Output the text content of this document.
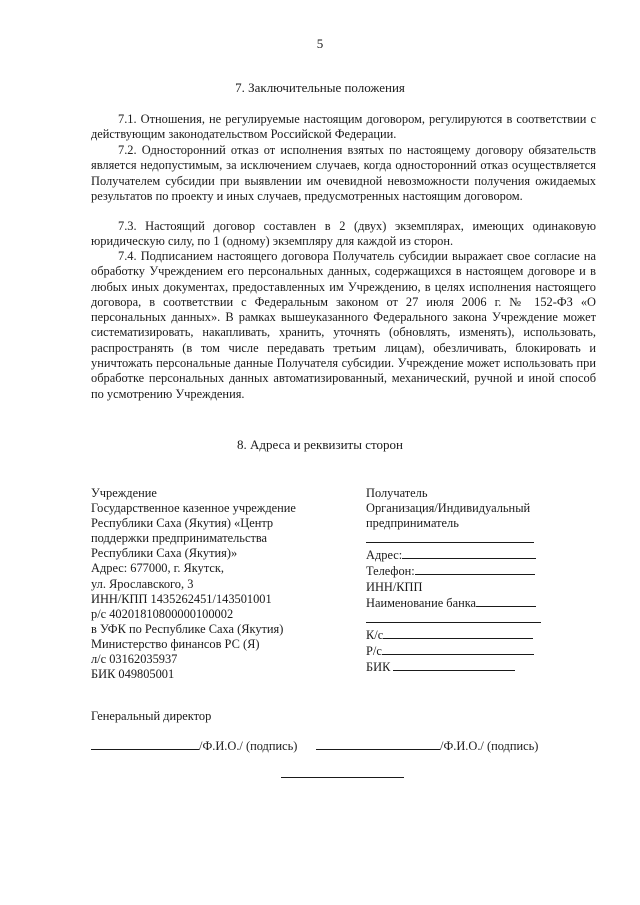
5
7. Заключительные положения

7.1. Отношения, не регулируемые настоящим договором, регулируются в соответствии с действующим законодательством Российской Федерации.

7.2. Односторонний отказ от исполнения взятых по настоящему договору обязательств является недопустимым, за исключением случаев, когда односторонний отказ осуществляется Получателем субсидии при выявлении им очевидной невозможности получения ожидаемых результатов по проекту и иных случаев, предусмотренных настоящим договором.

7.3. Настоящий договор составлен в 2 (двух) экземплярах, имеющих одинаковую юридическую силу, по 1 (одному) экземпляру для каждой из сторон.

7.4. Подписанием настоящего договора Получатель субсидии выражает свое согласие на обработку Учреждением его персональных данных, содержащихся в настоящем договоре и в любых иных документах, предоставленных им Учреждению, в целях исполнения настоящего договора, в соответствии с Федеральным законом от 27 июля 2006 г. № 152-ФЗ «О персональных данных». В рамках вышеуказанного Федерального закона Учреждение может систематизировать, накапливать, хранить, уточнять (обновлять, изменять), использовать, распространять (в том числе передавать третьим лицам), обезличивать, блокировать и уничтожать персональные данные Получателя субсидии. Учреждение может использовать при обработке персональных данных автоматизированный, механический, ручной и иной способ по усмотрению Учреждения.

8. Адреса и реквизиты сторон
Учреждение
Государственное казенное учреждение
Республики Саха (Якутия) «Центр
поддержки предпринимательства
Республики Саха (Якутия)»
Адрес: 677000, г. Якутск,
ул. Ярославского, 3
ИНН/КПП 1435262451/143501001
р/с 40201810800000100002
в УФК по Республике Саха (Якутия)
Министерство финансов РС (Я)
л/с 03162035937
БИК 049805001
Получатель
Организация/Индивидуальный
предприниматель
Адрес:
Телефон:
ИНН/КПП
Наименование банка
К/с
Р/с
БИК
Генеральный директор
/Ф.И.О./ (подпись)	/Ф.И.О./ (подпись)
